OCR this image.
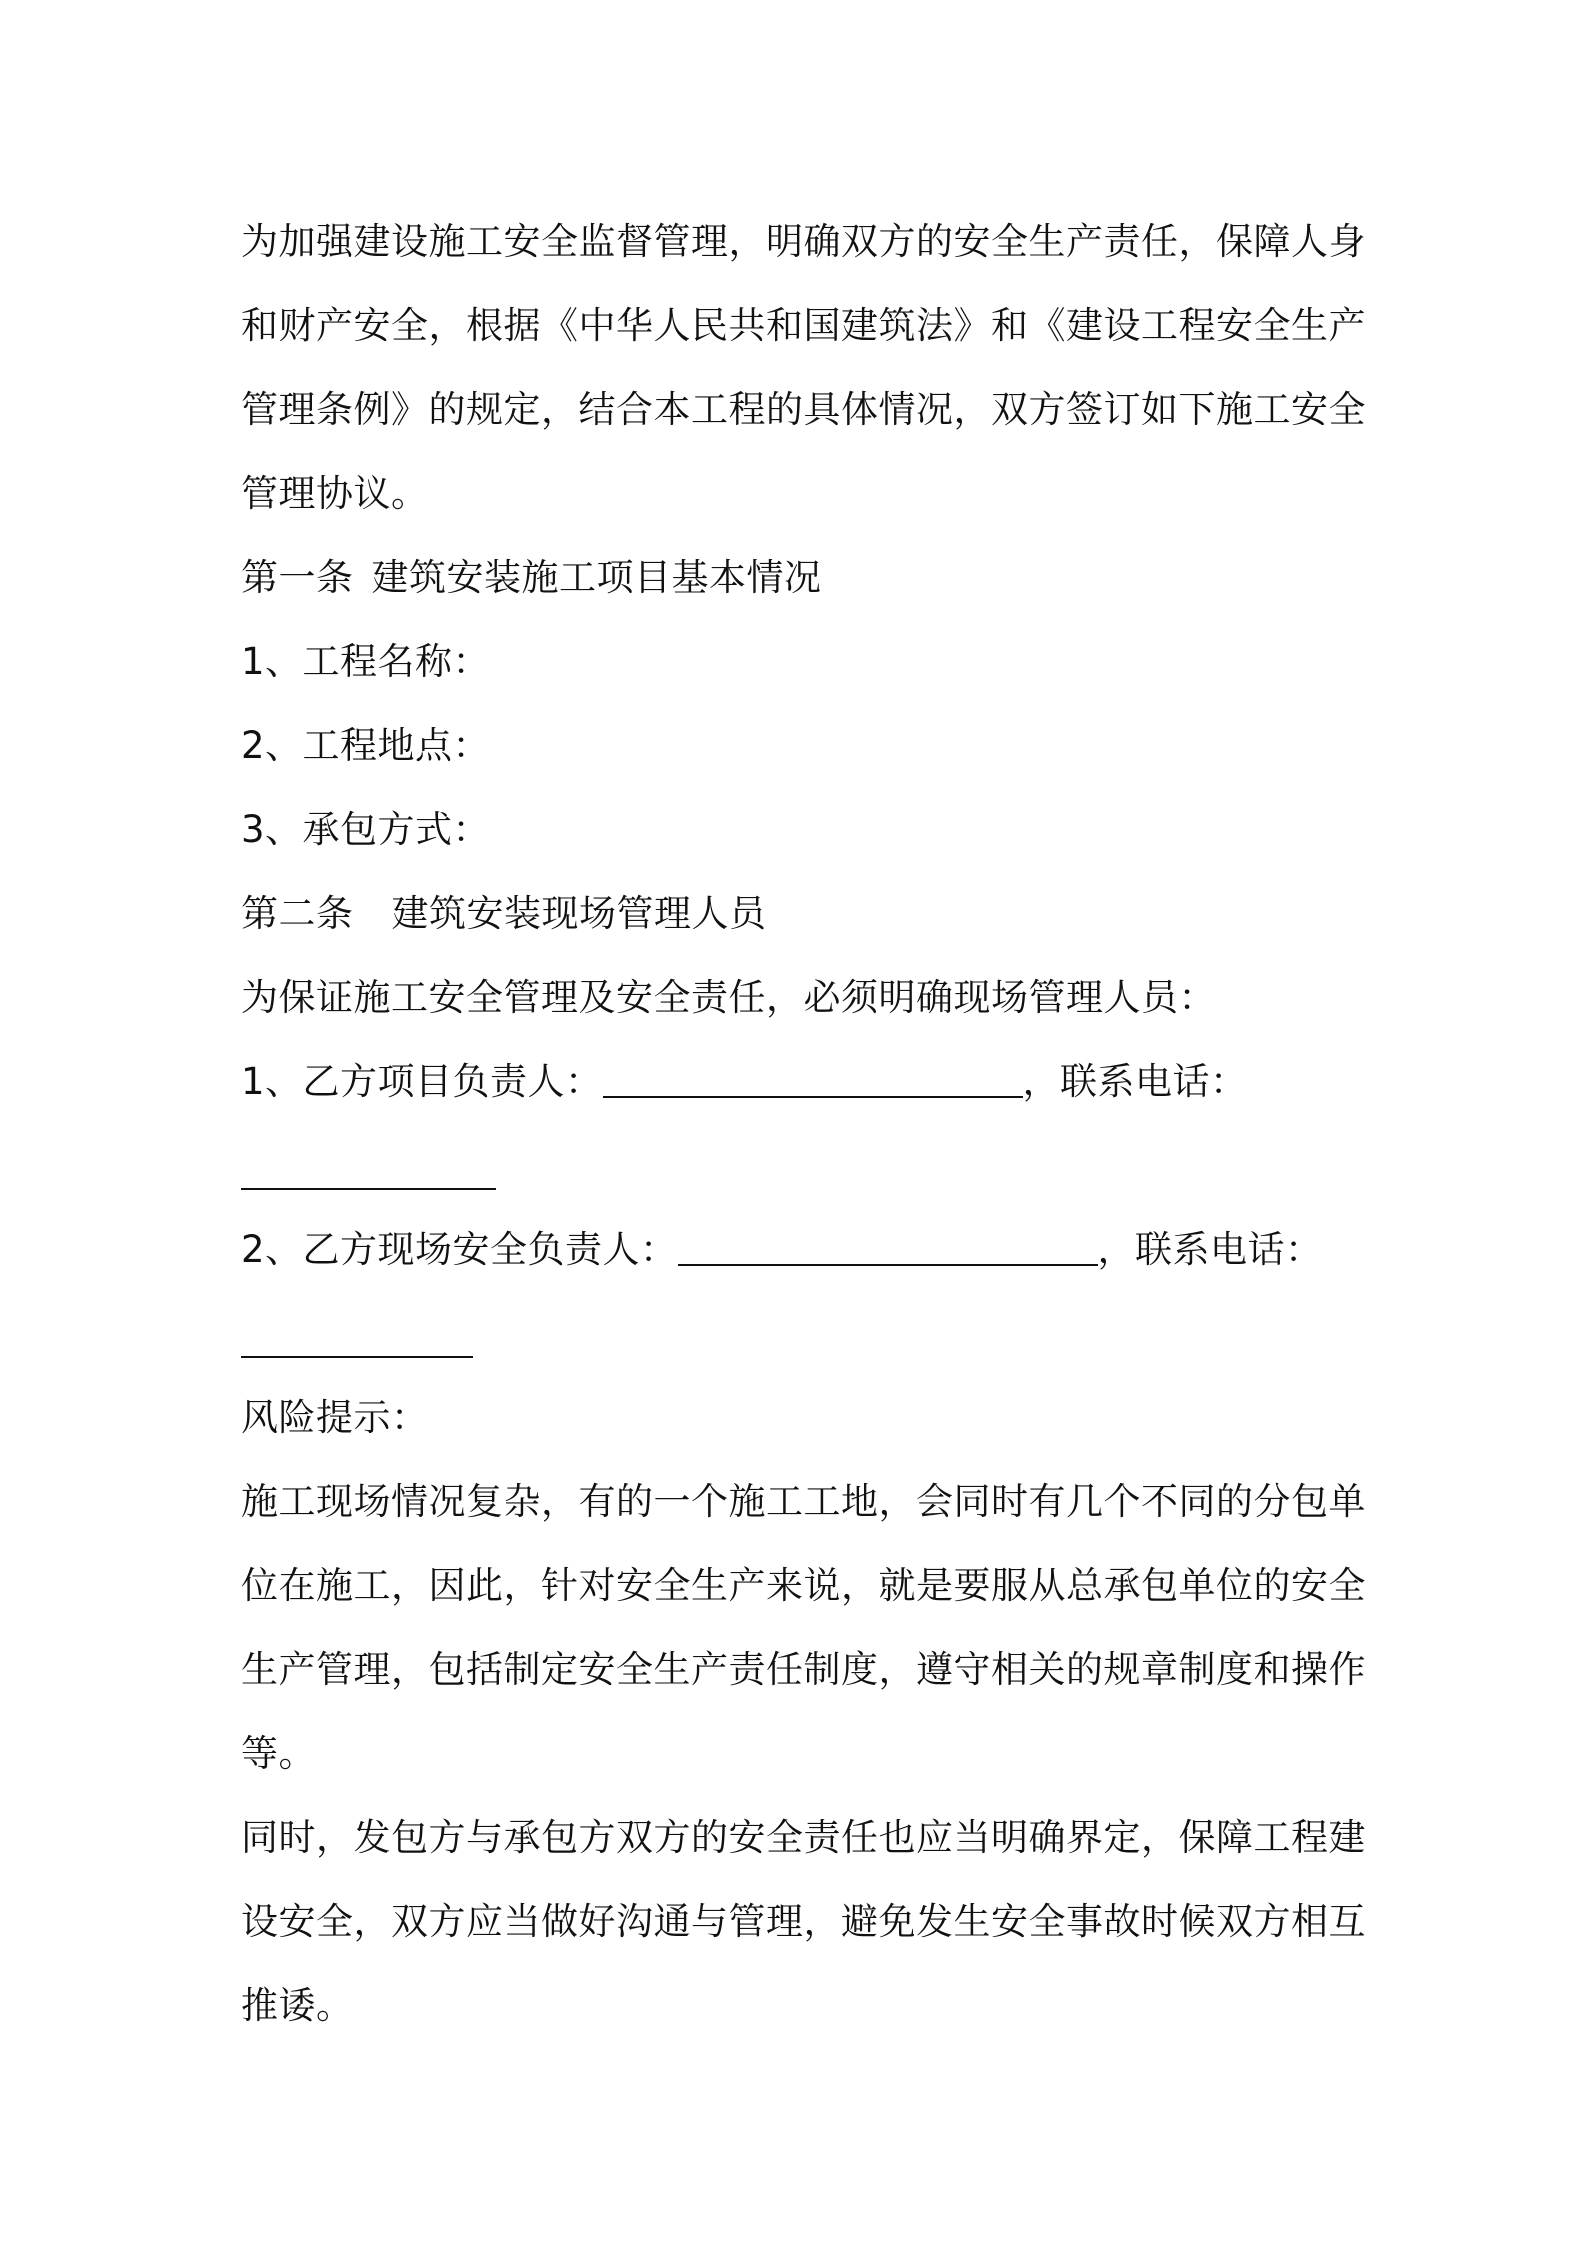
为加强建设施工安全监督管理，明确双方的安全生产责任，保障人身
和财产安全，根据《中华人民共和国建筑法》和《建设工程安全生产
管理条例》的规定，结合本工程的具体情况，双方签订如下施工安全
管理协议。
第一条 建筑安装施工项目基本情况
1、工程名称：
2、工程地点：
3、承包方式：
第二条 建筑安装现场管理人员
为保证施工安全管理及安全责任，必须明确现场管理人员：
1、乙方项目负责人：	，联系电话：
2、乙方现场安全负责人：	，联系电话：
风险提示：
施工现场情况复杂，有的一个施工工地，会同时有几个不同的分包单
位在施工，因此，针对安全生产来说，就是要服从总承包单位的安全
生产管理，包括制定安全生产责任制度，遵守相关的规章制度和操作
等。
同时，发包方与承包方双方的安全责任也应当明确界定，保障工程建
设安全，双方应当做好沟通与管理，避免发生安全事故时候双方相互
推诿。
